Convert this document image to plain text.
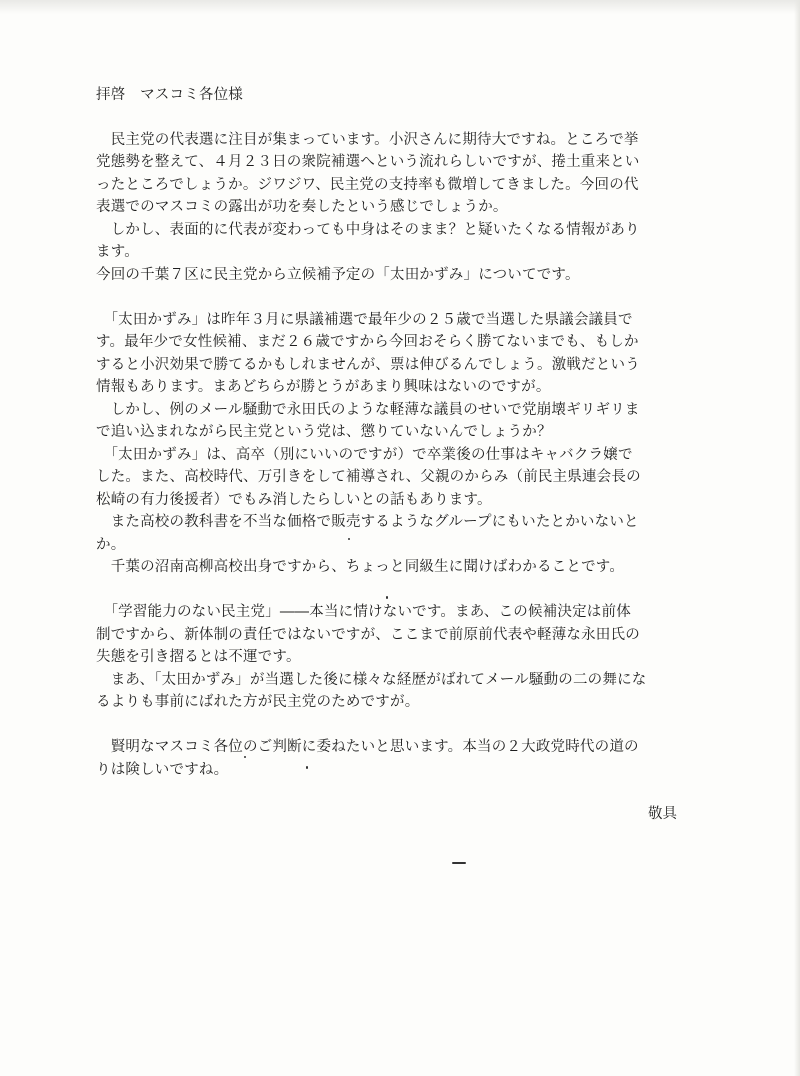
拝啓　マスコミ各位様
　民主党の代表選に注目が集まっています。小沢さんに期待大ですね。ところで挙
党態勢を整えて、４月２３日の衆院補選へという流れらしいですが、捲土重来とい
ったところでしょうか。ジワジワ、民主党の支持率も微増してきました。今回の代
表選でのマスコミの露出が功を奏したという感じでしょうか。
　しかし、表面的に代表が変わっても中身はそのまま？と疑いたくなる情報があり
ます。
今回の千葉７区に民主党から立候補予定の「太田かずみ」についてです。
　「太田かずみ」は昨年３月に県議補選で最年少の２５歳で当選した県議会議員で
す。最年少で女性候補、まだ２６歳ですから今回おそらく勝てないまでも、もしか
すると小沢効果で勝てるかもしれませんが、票は伸びるんでしょう。激戦だという
情報もあります。まあどちらが勝とうがあまり興味はないのですが。
　しかし、例のメール騒動で永田氏のような軽薄な議員のせいで党崩壊ギリギリま
で追い込まれながら民主党という党は、懲りていないんでしょうか？
　「太田かずみ」は、高卒（別にいいのですが）で卒業後の仕事はキャバクラ嬢で
した。また、高校時代、万引きをして補導され、父親のからみ（前民主県連会長の
松崎の有力後援者）でもみ消したらしいとの話もあります。
　また高校の教科書を不当な価格で販売するようなグループにもいたとかいないと
か。
　千葉の沼南高柳高校出身ですから、ちょっと同級生に聞けばわかることです。
　「学習能力のない民主党」――本当に情けないです。まあ、この候補決定は前体
制ですから、新体制の責任ではないですが、ここまで前原前代表や軽薄な永田氏の
失態を引き摺るとは不運です。
　まあ、「太田かずみ」が当選した後に様々な経歴がばれてメール騒動の二の舞にな
るよりも事前にばれた方が民主党のためですが。
　賢明なマスコミ各位のご判断に委ねたいと思います。本当の２大政党時代の道の
りは険しいですね。
敬具
